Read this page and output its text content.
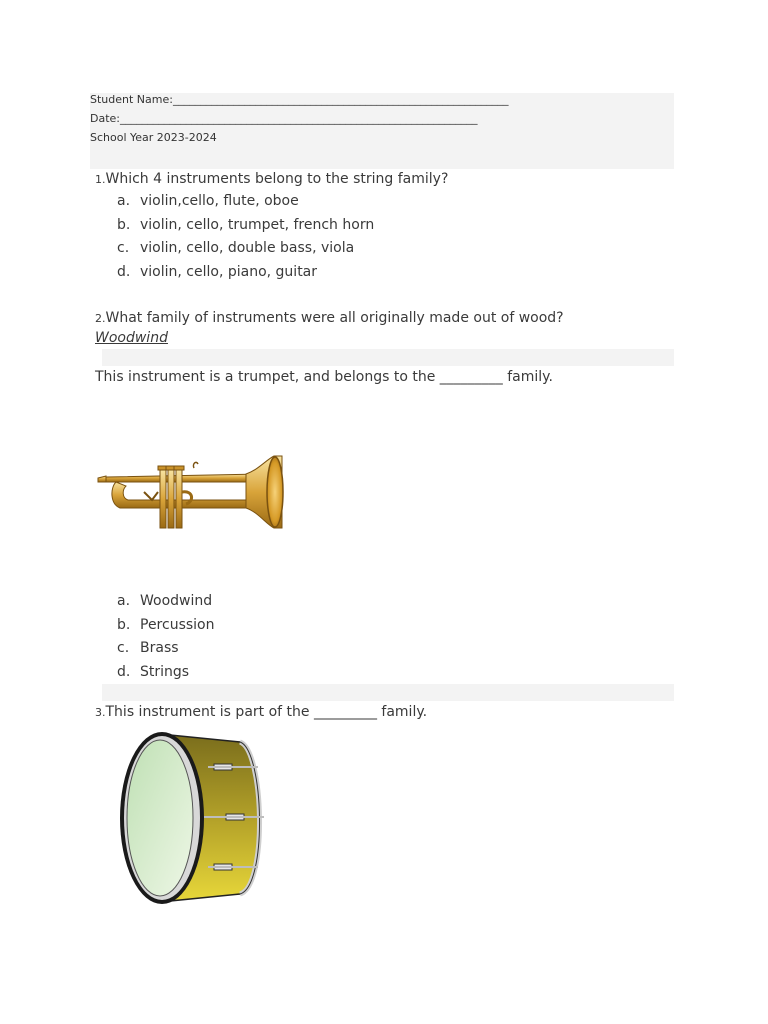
Student Name:_____________________________________________________________
Date:_________________________________________________________________
School Year 2023-2024
1.Which 4 instruments belong to the string family?
a. violin,cello, flute, oboe
b. violin, cello, trumpet, french horn
c. violin, cello, double bass, viola
d. violin, cello, piano, guitar
2.What family of instruments were all originally made out of wood?
Woodwind
This instrument is a trumpet, and belongs to the _________ family.
a. Woodwind
b. Percussion
c. Brass
d. Strings
3.This instrument is part of the _________ family.
